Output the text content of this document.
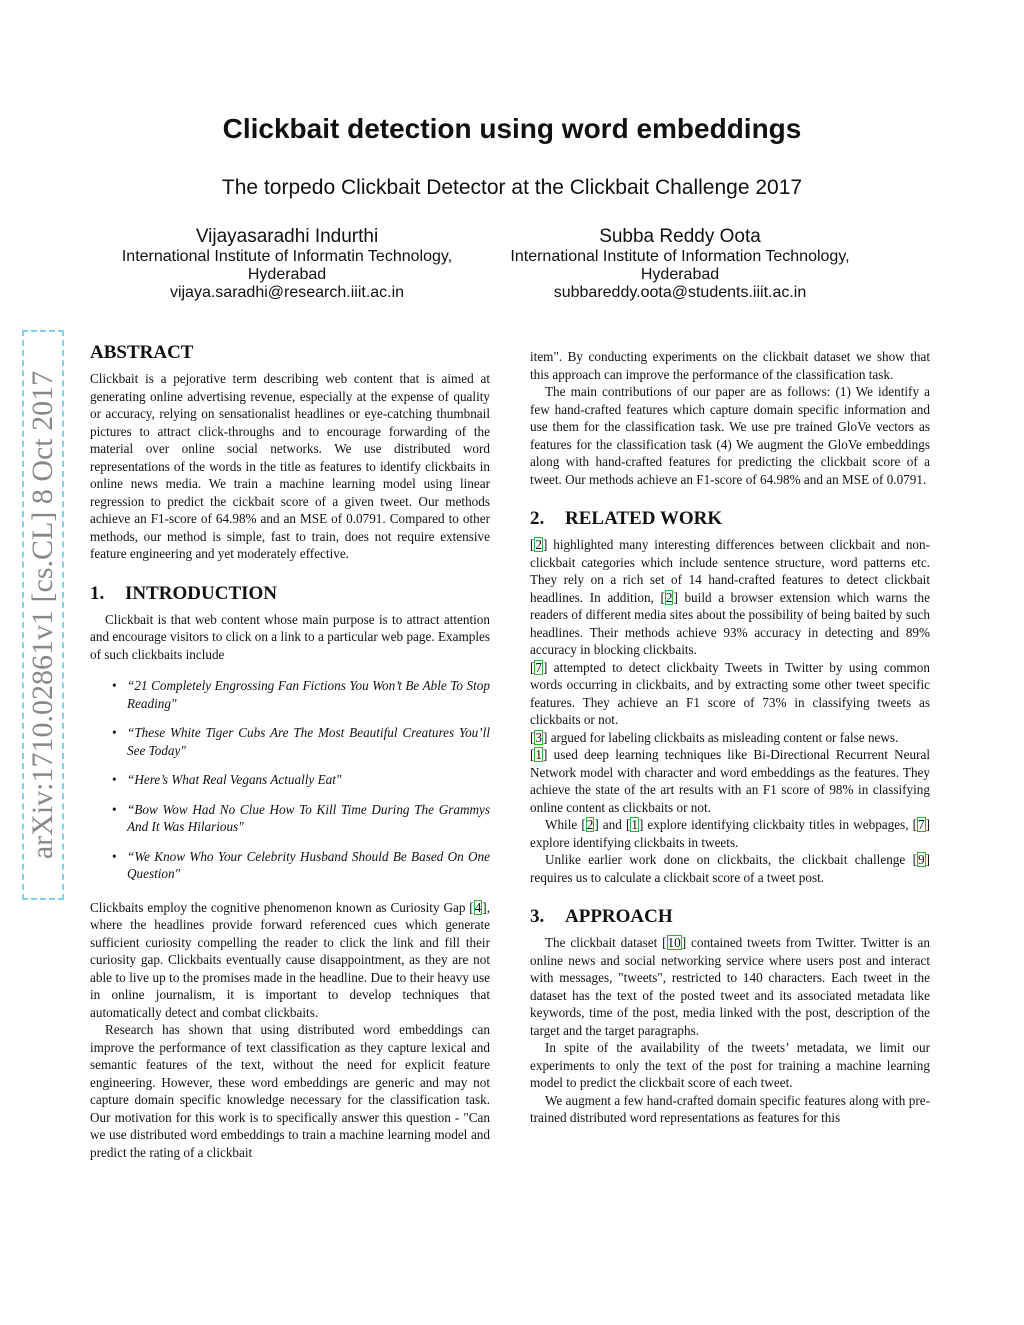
Clickbait detection using word embeddings
The torpedo Clickbait Detector at the Clickbait Challenge 2017
Vijayasaradhi Indurthi
International Institute of Informatin Technology,
Hyderabad
vijaya.saradhi@research.iiit.ac.in
Subba Reddy Oota
International Institute of Information Technology,
Hyderabad
subbareddy.oota@students.iiit.ac.in
arXiv:1710.02861v1 [cs.CL] 8 Oct 2017
ABSTRACT

Clickbait is a pejorative term describing web content that is aimed at generating online advertising revenue, especially at the expense of quality or accuracy, relying on sensationalist headlines or eye-catching thumbnail pictures to attract click-throughs and to encourage forwarding of the material over online social networks. We use distributed word representations of the words in the title as features to identify clickbaits in online news media. We train a machine learning model using linear regression to predict the cickbait score of a given tweet. Our methods achieve an F1-score of 64.98% and an MSE of 0.0791. Compared to other methods, our method is simple, fast to train, does not require extensive feature engineering and yet moderately effective.

1. INTRODUCTION

Clickbait is that web content whose main purpose is to attract attention and encourage visitors to click on a link to a particular web page. Examples of such clickbaits include

• “21 Completely Engrossing Fan Fictions You Won’t Be Able To Stop Reading"
• “These White Tiger Cubs Are The Most Beautiful Creatures You’ll See Today"
• “Here’s What Real Vegans Actually Eat"
• “Bow Wow Had No Clue How To Kill Time During The Grammys And It Was Hilarious"
• “We Know Who Your Celebrity Husband Should Be Based On One Question"

Clickbaits employ the cognitive phenomenon known as Curiosity Gap [4], where the headlines provide forward referenced cues which generate sufficient curiosity compelling the reader to click the link and fill their curiosity gap. Clickbaits eventually cause disappointment, as they are not able to live up to the promises made in the headline. Due to their heavy use in online journalism, it is important to develop techniques that automatically detect and combat clickbaits.

Research has shown that using distributed word embeddings can improve the performance of text classification as they capture lexical and semantic features of the text, without the need for explicit feature engineering. However, these word embeddings are generic and may not capture domain specific knowledge necessary for the classification task. Our motivation for this work is to specifically answer this question - "Can we use distributed word embeddings to train a machine learning model and predict the rating of a clickbait

item". By conducting experiments on the clickbait dataset we show that this approach can improve the performance of the classification task.

The main contributions of our paper are as follows: (1) We identify a few hand-crafted features which capture domain specific information and use them for the classification task. We use pre trained GloVe vectors as features for the classification task (4) We augment the GloVe embeddings along with hand-crafted features for predicting the clickbait score of a tweet. Our methods achieve an F1-score of 64.98% and an MSE of 0.0791.

2. RELATED WORK

[2] highlighted many interesting differences between clickbait and non-clickbait categories which include sentence structure, word patterns etc. They rely on a rich set of 14 hand-crafted features to detect clickbait headlines. In addition, [2] build a browser extension which warns the readers of different media sites about the possibility of being baited by such headlines. Their methods achieve 93% accuracy in detecting and 89% accuracy in blocking clickbaits.

[7] attempted to detect clickbaity Tweets in Twitter by using common words occurring in clickbaits, and by extracting some other tweet specific features. They achieve an F1 score of 73% in classifying tweets as clickbaits or not.

[3] argued for labeling clickbaits as misleading content or false news.

[1] used deep learning techniques like Bi-Directional Recurrent Neural Network model with character and word embeddings as the features. They achieve the state of the art results with an F1 score of 98% in classifying online content as clickbaits or not.

While [2] and [1] explore identifying clickbaity titles in webpages, [7] explore identifying clickbaits in tweets.

Unlike earlier work done on clickbaits, the clickbait challenge [9] requires us to calculate a clickbait score of a tweet post.

3. APPROACH

The clickbait dataset [10] contained tweets from Twitter. Twitter is an online news and social networking service where users post and interact with messages, "tweets", restricted to 140 characters. Each tweet in the dataset has the text of the posted tweet and its associated metadata like keywords, time of the post, media linked with the post, description of the target and the target paragraphs.

In spite of the availability of the tweets’ metadata, we limit our experiments to only the text of the post for training a machine learning model to predict the clickbait score of each tweet.

We augment a few hand-crafted domain specific features along with pre-trained distributed word representations as features for this
